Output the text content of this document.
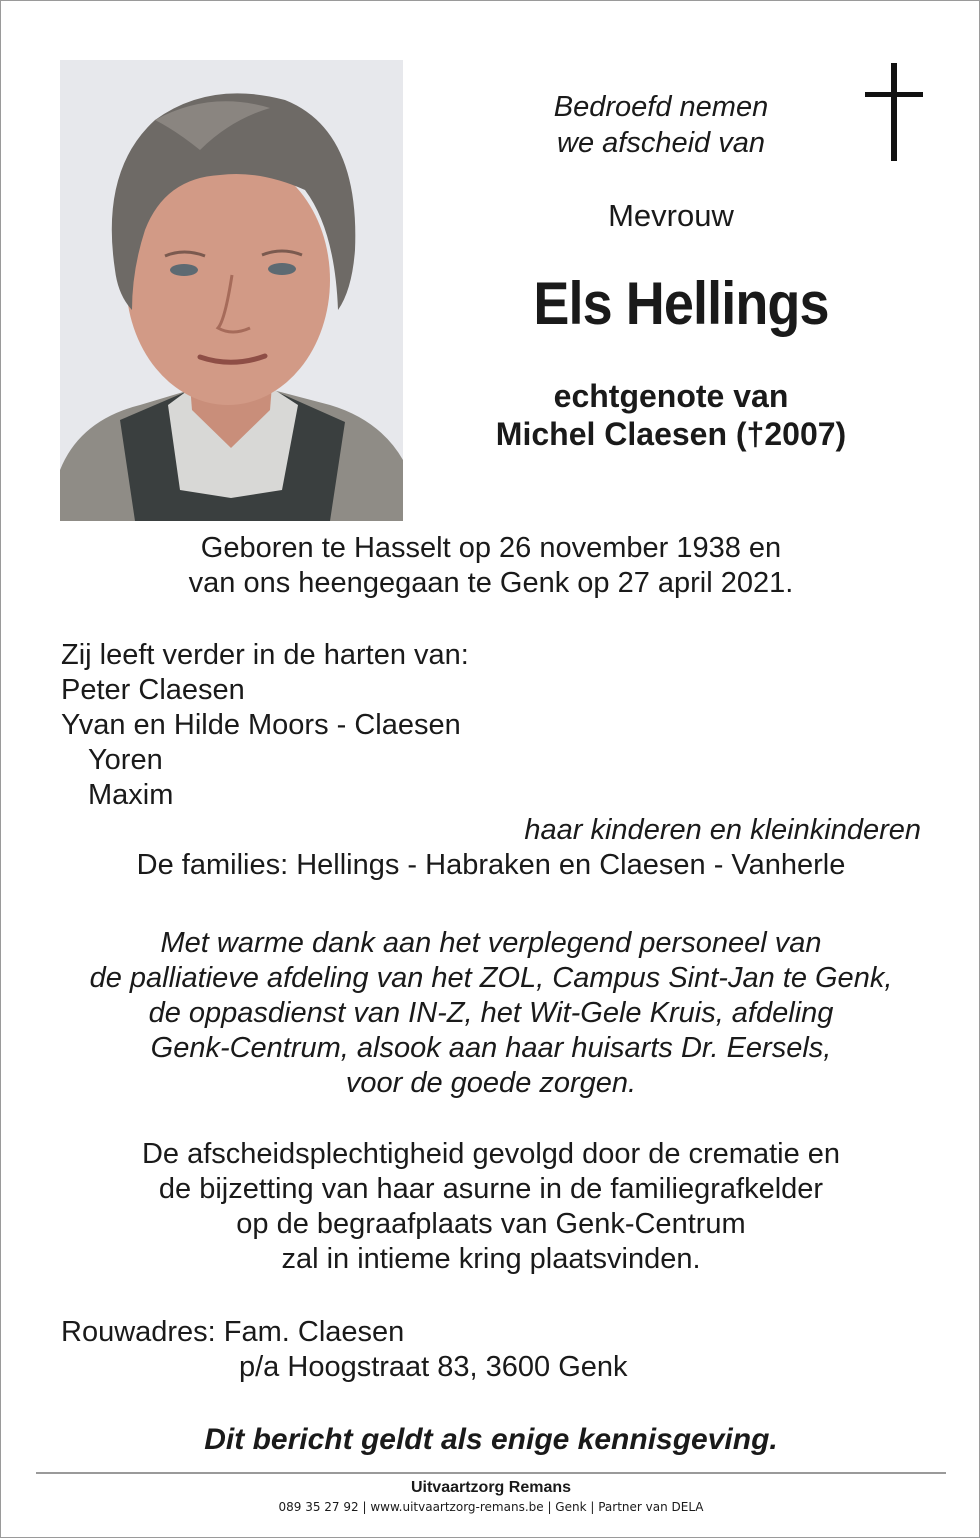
Bedroefd nemen
we afscheid van
Mevrouw
Els Hellings
echtgenote van
Michel Claesen (†2007)
Geboren te Hasselt op 26 november 1938 en
van ons heengegaan te Genk op 27 april 2021.
Zij leeft verder in de harten van:
Peter Claesen
Yvan en Hilde Moors - Claesen
Yoren
Maxim
haar kinderen en kleinkinderen
De families: Hellings - Habraken en Claesen - Vanherle
Met warme dank aan het verplegend personeel van
de palliatieve afdeling van het ZOL, Campus Sint-Jan te Genk,
de oppasdienst van IN-Z, het Wit-Gele Kruis, afdeling
Genk-Centrum, alsook aan haar huisarts Dr. Eersels,
voor de goede zorgen.
De afscheidsplechtigheid gevolgd door de crematie en
de bijzetting van haar asurne in de familiegrafkelder
op de begraafplaats van Genk-Centrum
zal in intieme kring plaatsvinden.
Rouwadres: Fam. Claesen
p/a Hoogstraat 83, 3600 Genk
Dit bericht geldt als enige kennisgeving.
Uitvaartzorg Remans
089 35 27 92 | www.uitvaartzorg-remans.be | Genk | Partner van DELA
